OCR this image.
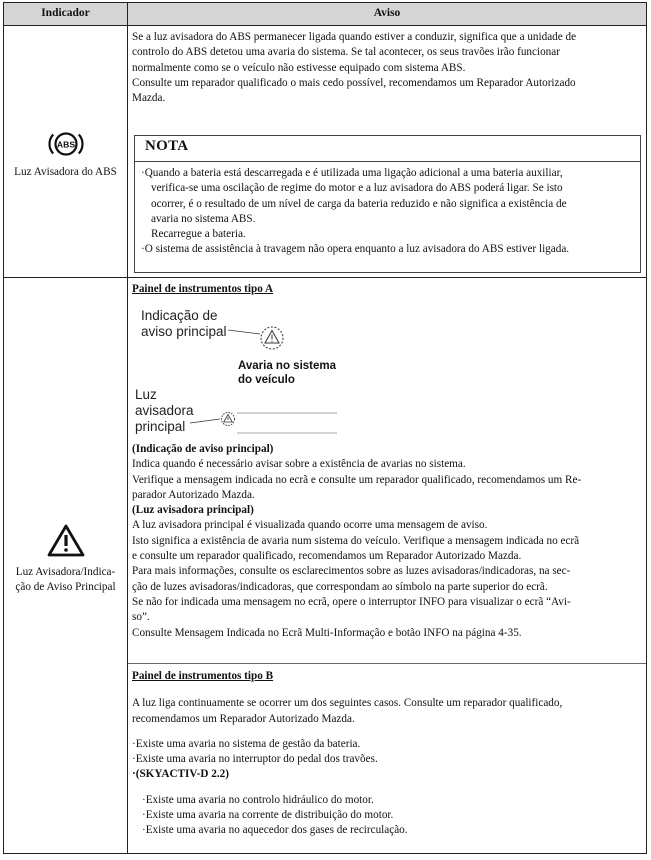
Indicador	Aviso
ABS
Luz Avisadora do ABS

Se a luz avisadora do ABS permanecer ligada quando estiver a conduzir, significa que a unidade de

controlo do ABS detetou uma avaria do sistema. Se tal acontecer, os seus travões irão funcionar

normalmente como se o veículo não estivesse equipado com sistema ABS.

Consulte um reparador qualificado o mais cedo possível, recomendamos um Reparador Autorizado

Mazda.

NOTA

·Quando a bateria está descarregada e é utilizada uma ligação adicional a uma bateria auxiliar,

verifica-se uma oscilação de regime do motor e a luz avisadora do ABS poderá ligar. Se isto

ocorrer, é o resultado de um nível de carga da bateria reduzido e não significa a existência de

avaria no sistema ABS.

Recarregue a bateria.

·O sistema de assistência à travagem não opera enquanto a luz avisadora do ABS estiver ligada.

Luz Avisadora/Indica-
ção de Aviso Principal

Painel de instrumentos tipo A

Indicação de
aviso principal
Avaria no sistema
do veículo
Luz
avisadora
principal

(Indicação de aviso principal)

Indica quando é necessário avisar sobre a existência de avarias no sistema.

Verifique a mensagem indicada no ecrã e consulte um reparador qualificado, recomendamos um Re-

parador Autorizado Mazda.

(Luz avisadora principal)

A luz avisadora principal é visualizada quando ocorre uma mensagem de aviso.

Isto significa a existência de avaria num sistema do veículo. Verifique a mensagem indicada no ecrã

e consulte um reparador qualificado, recomendamos um Reparador Autorizado Mazda.

Para mais informações, consulte os esclarecimentos sobre as luzes avisadoras/indicadoras, na sec-

ção de luzes avisadoras/indicadoras, que correspondam ao símbolo na parte superior do ecrã.

Se não for indicada uma mensagem no ecrã, opere o interruptor INFO para visualizar o ecrã “Avi-

so”.

Consulte Mensagem Indicada no Ecrã Multi-Informação e botão INFO na página 4-35.

Painel de instrumentos tipo B

A luz liga continuamente se ocorrer um dos seguintes casos. Consulte um reparador qualificado,

recomendamos um Reparador Autorizado Mazda.

·Existe uma avaria no sistema de gestão da bateria.

·Existe uma avaria no interruptor do pedal dos travões.

·(SKYACTIV-D 2.2)

·Existe uma avaria no controlo hidráulico do motor.

·Existe uma avaria na corrente de distribuição do motor.

·Existe uma avaria no aquecedor dos gases de recirculação.
